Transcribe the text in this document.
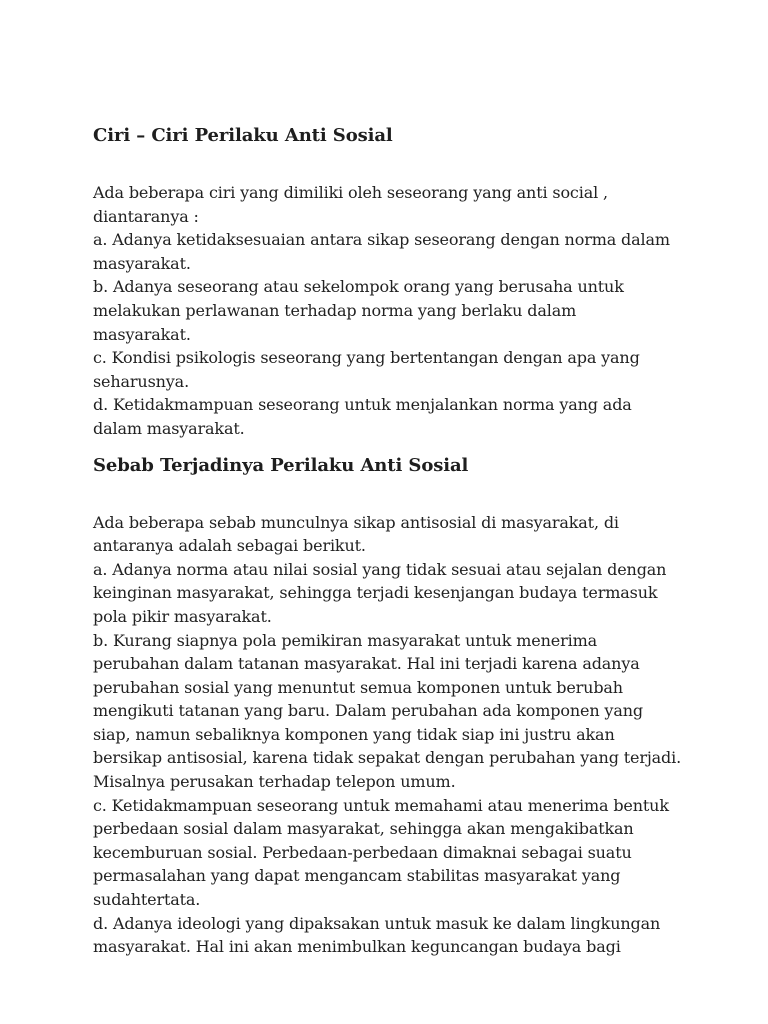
Ciri – Ciri Perilaku Anti Sosial
Ada beberapa ciri yang dimiliki oleh seseorang yang anti social ,
diantaranya :
a. Adanya ketidaksesuaian antara sikap seseorang dengan norma dalam
masyarakat.
b. Adanya seseorang atau sekelompok orang yang berusaha untuk
melakukan perlawanan terhadap norma yang berlaku dalam
masyarakat.
c. Kondisi psikologis seseorang yang bertentangan dengan apa yang
seharusnya.
d. Ketidakmampuan seseorang untuk menjalankan norma yang ada
dalam masyarakat.
Sebab Terjadinya Perilaku Anti Sosial
Ada beberapa sebab munculnya sikap antisosial di masyarakat, di
antaranya adalah sebagai berikut.
a. Adanya norma atau nilai sosial yang tidak sesuai atau sejalan dengan
keinginan masyarakat, sehingga terjadi kesenjangan budaya termasuk
pola pikir masyarakat.
b. Kurang siapnya pola pemikiran masyarakat untuk menerima
perubahan dalam tatanan masyarakat. Hal ini terjadi karena adanya
perubahan sosial yang menuntut semua komponen untuk berubah
mengikuti tatanan yang baru. Dalam perubahan ada komponen yang
siap, namun sebaliknya komponen yang tidak siap ini justru akan
bersikap antisosial, karena tidak sepakat dengan perubahan yang terjadi.
Misalnya perusakan terhadap telepon umum.
c. Ketidakmampuan seseorang untuk memahami atau menerima bentuk
perbedaan sosial dalam masyarakat, sehingga akan mengakibatkan
kecemburuan sosial. Perbedaan-perbedaan dimaknai sebagai suatu
permasalahan yang dapat mengancam stabilitas masyarakat yang
sudahtertata.
d. Adanya ideologi yang dipaksakan untuk masuk ke dalam lingkungan
masyarakat. Hal ini akan menimbulkan keguncangan budaya bagi
